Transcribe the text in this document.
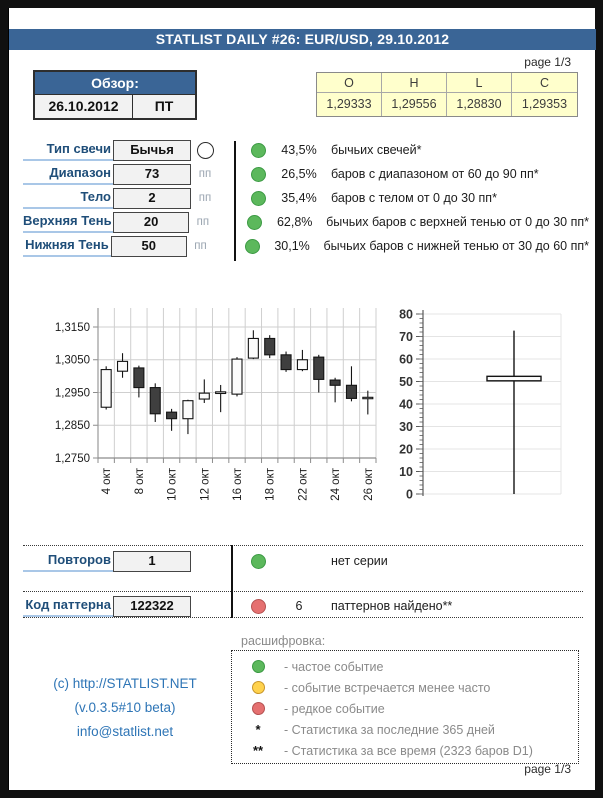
STATLIST DAILY #26: EUR/USD, 29.10.2012
page 1/3
Обзор:
26.10.2012	ПТ
O	H	L	C
1,29333	1,29556	1,28830	1,29353
Тип свечи	Бычья	43,5%	бычьих свечей*
Диапазон	73	пп	26,5%	баров с диапазоном от 60 до 90 пп*
Тело	2	пп	35,4%	баров с телом от 0 до 30 пп*
Верхняя Тень	20	пп	62,8%	бычьих баров с верхней тенью от 0 до 30 пп*
Нижняя Тень	50	пп	30,1%	бычьих баров с нижней тенью от 30 до 60 пп*
1,2750
1,2850
1,2950
1,3050
1,3150
4 окт 8 окт 10 окт 12 окт 16 окт 18 окт 22 окт 24 окт 26 окт 0
10
20
30
40
50
60
70
80
Повторов	1	нет серии
Код паттерна	122322	6	паттернов найдено**
расшифровка:
- частое событие
- событие встречается менее часто
- редкое событие
*	- Статистика за последние 365 дней
**	- Статистика за все время (2323 баров D1)
(c) http://STATLIST.NET
(v.0.3.5#10 beta)
info@statlist.net
page 1/3
